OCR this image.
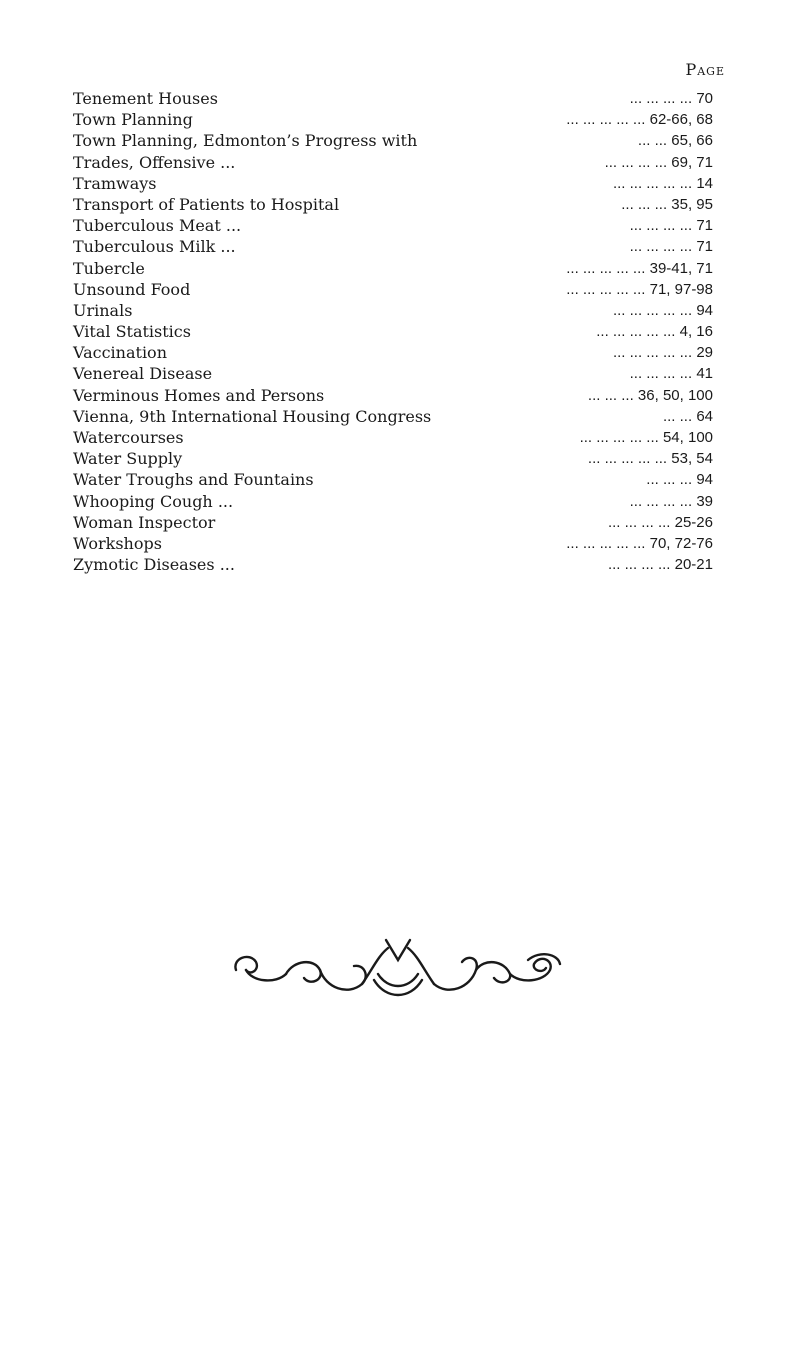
Page
Tenement Houses	... ... ... ... 70
Town Planning	... ... ... ... ... 62-66, 68
Town Planning, Edmonton’s Progress with	... ... 65, 66
Trades, Offensive ...	... ... ... ... 69, 71
Tramways	... ... ... ... ... 14
Transport of Patients to Hospital	... ... ... 35, 95
Tuberculous Meat ...	... ... ... ... 71
Tuberculous Milk ...	... ... ... ... 71
Tubercle	... ... ... ... ... 39-41, 71
Unsound Food	... ... ... ... ... 71, 97-98
Urinals	... ... ... ... ... 94
Vital Statistics	... ... ... ... ... 4, 16
Vaccination	... ... ... ... ... 29
Venereal Disease	... ... ... ... 41
Verminous Homes and Persons	... ... ... 36, 50, 100
Vienna, 9th International Housing Congress	... ... 64
Watercourses	... ... ... ... ... 54, 100
Water Supply	... ... ... ... ... 53, 54
Water Troughs and Fountains	... ... ... 94
Whooping Cough ...	... ... ... ... 39
Woman Inspector	... ... ... ... 25-26
Workshops	... ... ... ... ... 70, 72-76
Zymotic Diseases ...	... ... ... ... 20-21
